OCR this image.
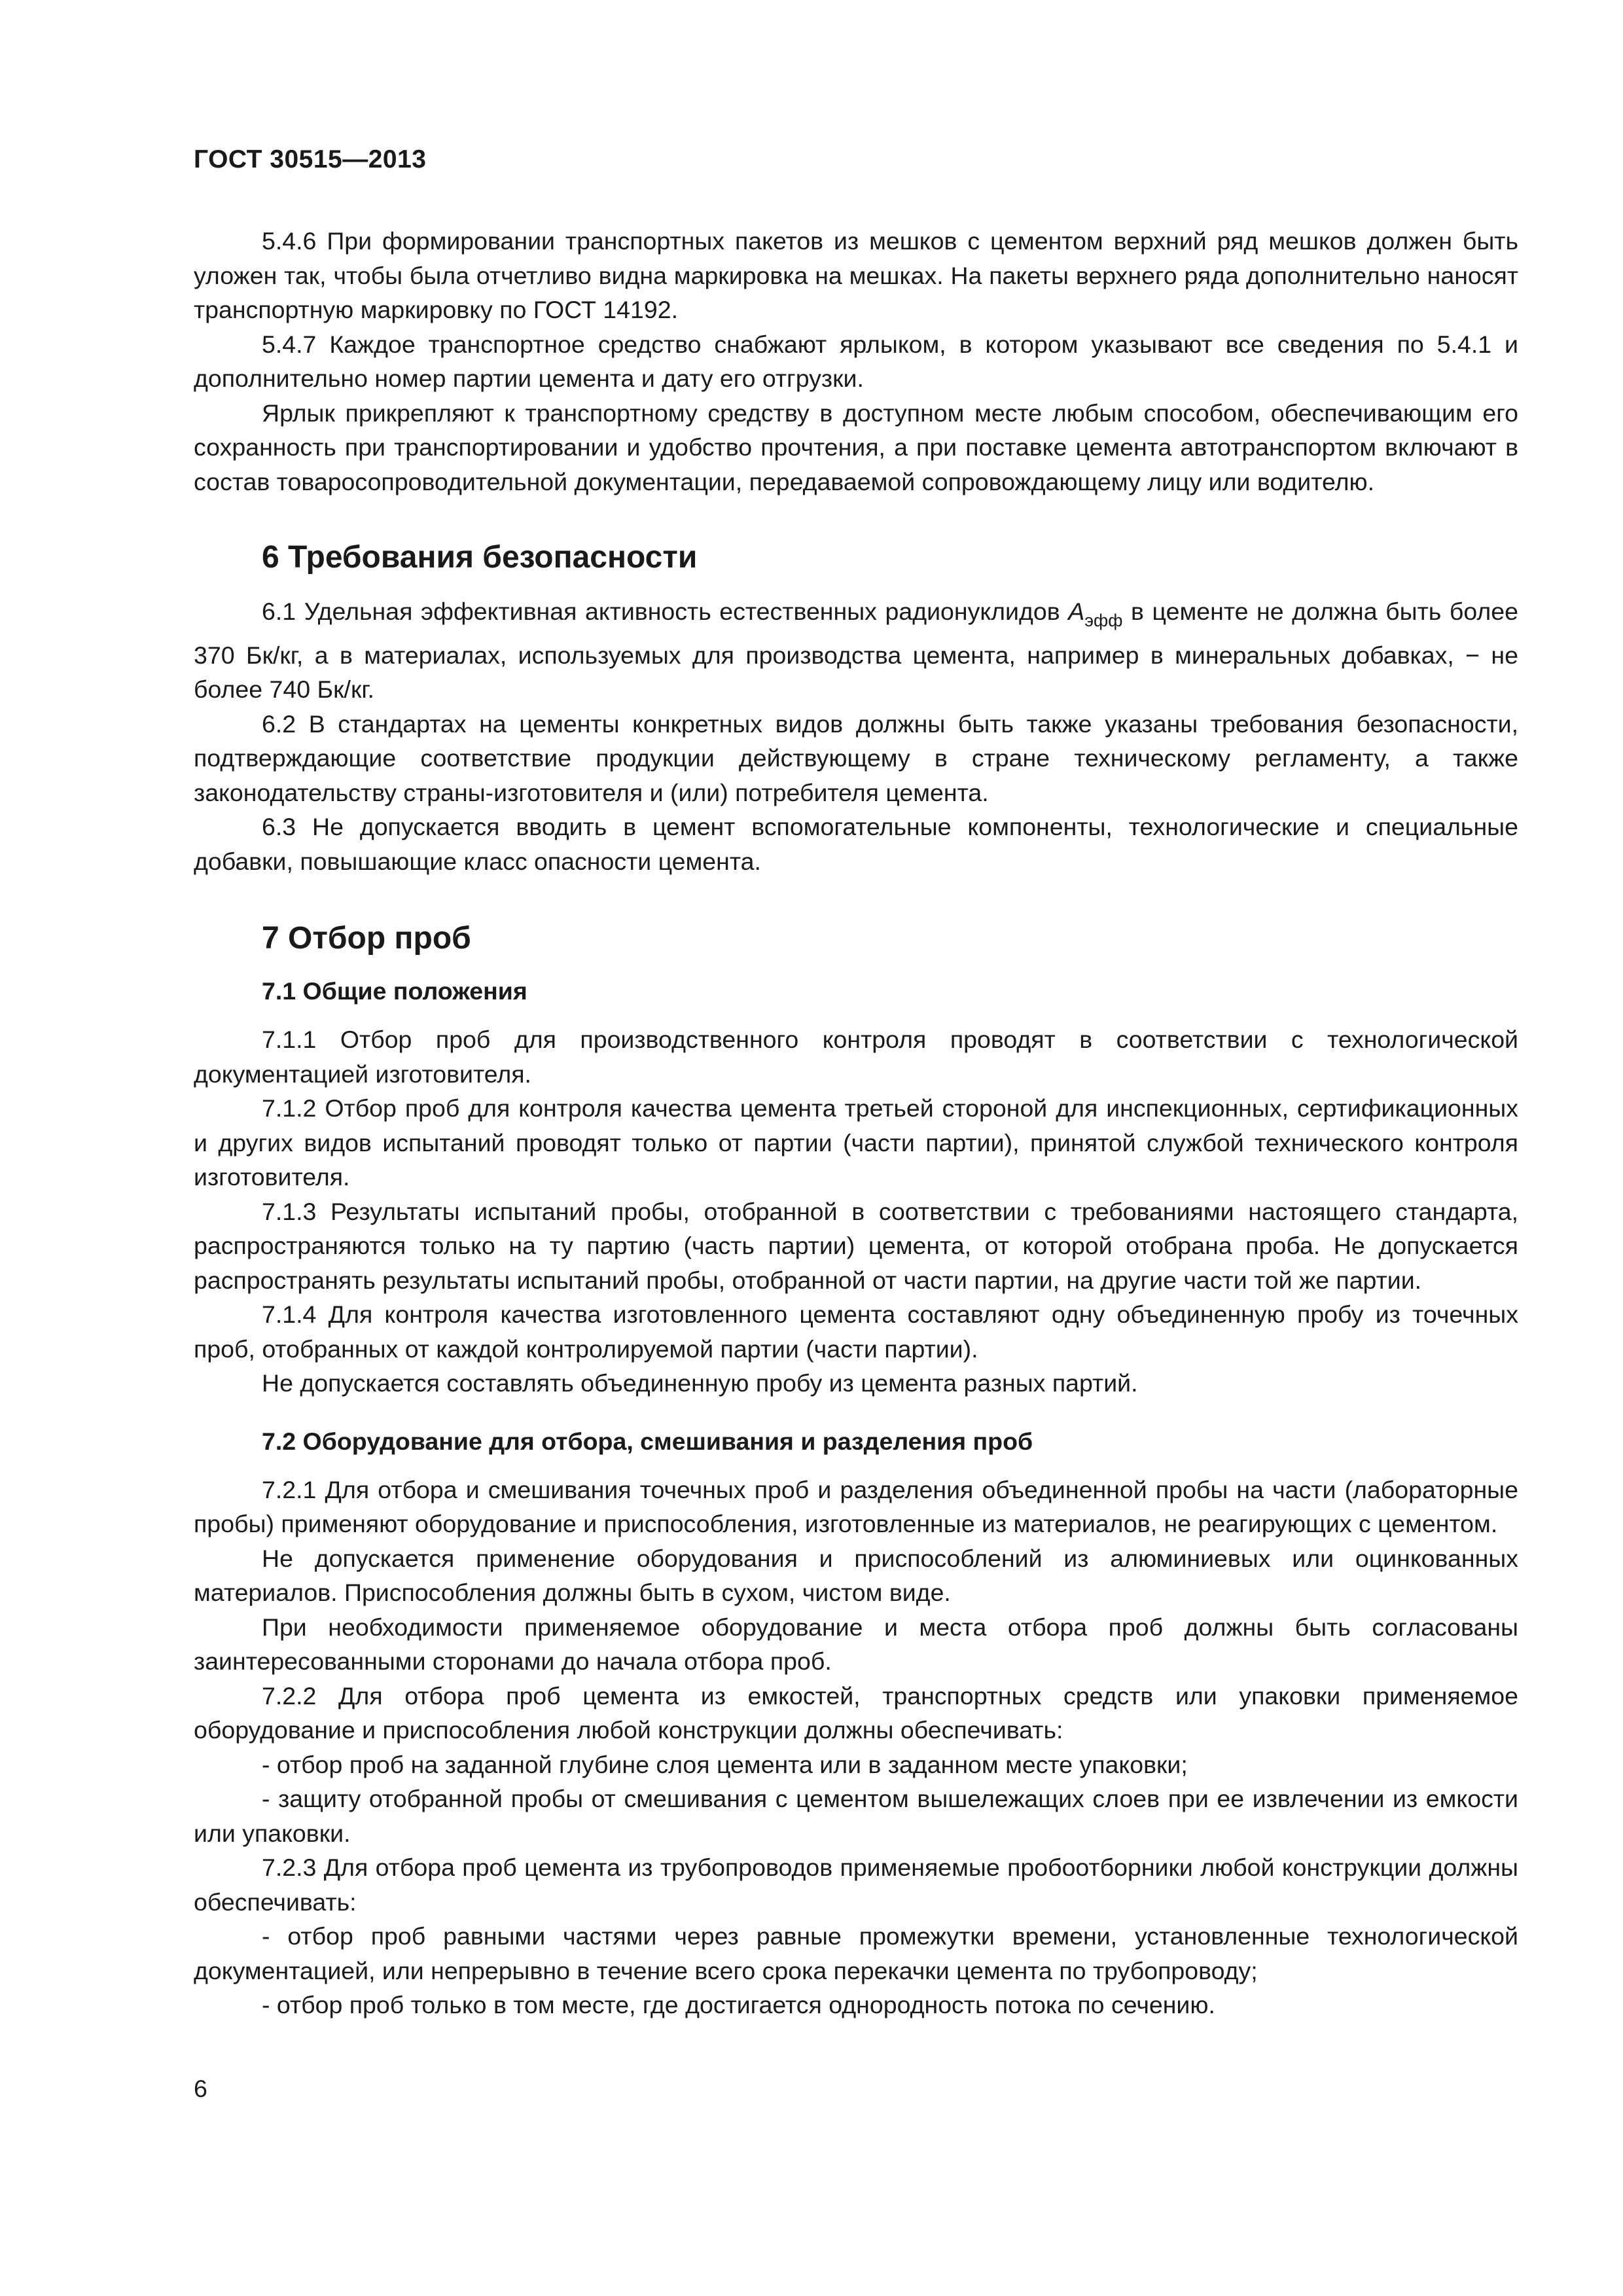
ГОСТ 30515—2013

5.4.6 При формировании транспортных пакетов из мешков с цементом верхний ряд мешков должен быть уложен так, чтобы была отчетливо видна маркировка на мешках. На пакеты верхнего ряда дополнительно наносят транспортную маркировку по ГОСТ 14192.

5.4.7 Каждое транспортное средство снабжают ярлыком, в котором указывают все сведения по 5.4.1 и дополнительно номер партии цемента и дату его отгрузки.

Ярлык прикрепляют к транспортному средству в доступном месте любым способом, обеспечивающим его сохранность при транспортировании и удобство прочтения, а при поставке цемента автотранспортом включают в состав товаросопроводительной документации, передаваемой сопровождающему лицу или водителю.

6 Требования безопасности

6.1 Удельная эффективная активность естественных радионуклидов $A_{эфф}$ в цементе не должна быть более 370 Бк/кг, а в материалах, используемых для производства цемента, например в минеральных добавках, − не более 740 Бк/кг.

6.2 В стандартах на цементы конкретных видов должны быть также указаны требования безопасности, подтверждающие соответствие продукции действующему в стране техническому регламенту, а также законодательству страны-изготовителя и (или) потребителя цемента.

6.3 Не допускается вводить в цемент вспомогательные компоненты, технологические и специальные добавки, повышающие класс опасности цемента.

7 Отбор проб
7.1 Общие положения

7.1.1 Отбор проб для производственного контроля проводят в соответствии с технологической документацией изготовителя.

7.1.2 Отбор проб для контроля качества цемента третьей стороной для инспекционных, сертификационных и других видов испытаний проводят только от партии (части партии), принятой службой технического контроля изготовителя.

7.1.3 Результаты испытаний пробы, отобранной в соответствии с требованиями настоящего стандарта, распространяются только на ту партию (часть партии) цемента, от которой отобрана проба. Не допускается распространять результаты испытаний пробы, отобранной от части партии, на другие части той же партии.

7.1.4 Для контроля качества изготовленного цемента составляют одну объединенную пробу из точечных проб, отобранных от каждой контролируемой партии (части партии).

Не допускается составлять объединенную пробу из цемента разных партий.

7.2 Оборудование для отбора, смешивания и разделения проб

7.2.1 Для отбора и смешивания точечных проб и разделения объединенной пробы на части (лабораторные пробы) применяют оборудование и приспособления, изготовленные из материалов, не реагирующих с цементом.

Не допускается применение оборудования и приспособлений из алюминиевых или оцинкованных материалов. Приспособления должны быть в сухом, чистом виде.

При необходимости применяемое оборудование и места отбора проб должны быть согласованы заинтересованными сторонами до начала отбора проб.

7.2.2 Для отбора проб цемента из емкостей, транспортных средств или упаковки применяемое оборудование и приспособления любой конструкции должны обеспечивать:

- отбор проб на заданной глубине слоя цемента или в заданном месте упаковки;

- защиту отобранной пробы от смешивания с цементом вышележащих слоев при ее извлечении из емкости или упаковки.

7.2.3 Для отбора проб цемента из трубопроводов применяемые пробоотборники любой конструкции должны обеспечивать:

- отбор проб равными частями через равные промежутки времени, установленные технологической документацией, или непрерывно в течение всего срока перекачки цемента по трубопроводу;

- отбор проб только в том месте, где достигается однородность потока по сечению.

6
